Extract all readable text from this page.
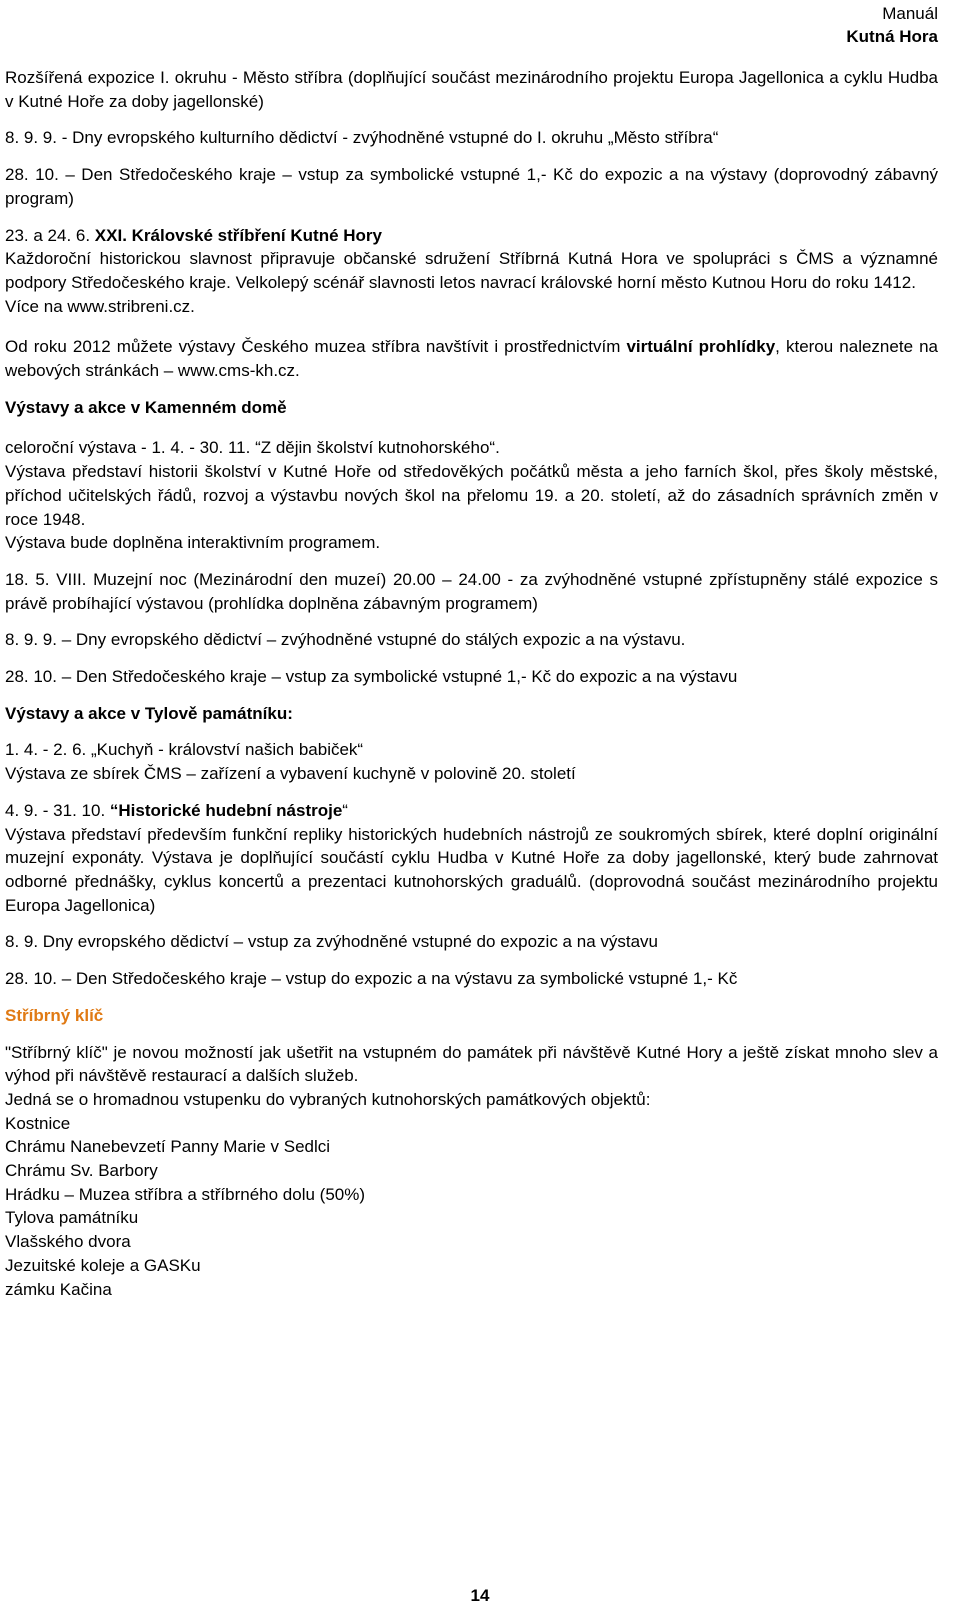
Manuál
Kutná Hora

Rozšířená expozice I. okruhu - Město stříbra (doplňující součást mezinárodního projektu Europa Jagellonica a cyklu Hudba v Kutné Hoře za doby jagellonské)

8. 9. 9. - Dny evropského kulturního dědictví - zvýhodněné vstupné do I. okruhu „Město stříbra“

28. 10. – Den Středočeského kraje – vstup za symbolické vstupné 1,- Kč do expozic a na výstavy (doprovodný zábavný program)

23. a 24. 6. XXI. Královské stříbření Kutné Hory

Každoroční historickou slavnost připravuje občanské sdružení Stříbrná Kutná Hora ve spolupráci s ČMS a významné podpory Středočeského kraje. Velkolepý scénář slavnosti letos navrací královské horní město Kutnou Horu do roku 1412.

Více na www.stribreni.cz.

Od roku 2012 můžete výstavy Českého muzea stříbra navštívit i prostřednictvím virtuální prohlídky, kterou naleznete na webových stránkách – www.cms-kh.cz.

Výstavy a akce v Kamenném domě

celoroční výstava - 1. 4. - 30. 11. “Z dějin školství kutnohorského“.

Výstava představí historii školství v Kutné Hoře od středověkých počátků města a jeho farních škol, přes školy městské, příchod učitelských řádů, rozvoj a výstavbu nových škol na přelomu 19. a 20. století, až do zásadních správních změn v roce 1948.

Výstava bude doplněna interaktivním programem.

18. 5. VIII. Muzejní noc (Mezinárodní den muzeí) 20.00 – 24.00 - za zvýhodněné vstupné zpřístupněny stálé expozice s právě probíhající výstavou (prohlídka doplněna zábavným programem)

8. 9. 9. – Dny evropského dědictví – zvýhodněné vstupné do stálých expozic a na výstavu.

28. 10. – Den Středočeského kraje – vstup za symbolické vstupné 1,- Kč do expozic a na výstavu

Výstavy a akce v Tylově památníku:

1. 4. - 2. 6. „Kuchyň - království našich babiček“

Výstava ze sbírek ČMS – zařízení a vybavení kuchyně v polovině 20. století

4. 9. - 31. 10. “Historické hudební nástroje“

Výstava představí především funkční repliky historických hudebních nástrojů ze soukromých sbírek, které doplní originální muzejní exponáty. Výstava je doplňující součástí cyklu Hudba v Kutné Hoře za doby jagellonské, který bude zahrnovat odborné přednášky, cyklus koncertů a prezentaci kutnohorských graduálů. (doprovodná součást mezinárodního projektu Europa Jagellonica)

8. 9. Dny evropského dědictví – vstup za zvýhodněné vstupné do expozic a na výstavu

28. 10. – Den Středočeského kraje – vstup do expozic a na výstavu za symbolické vstupné 1,- Kč

Stříbrný klíč

"Stříbrný klíč" je novou možností jak ušetřit na vstupném do památek při návštěvě Kutné Hory a ještě získat mnoho slev a výhod při návštěvě restaurací a dalších služeb.

Jedná se o hromadnou vstupenku do vybraných kutnohorských památkových objektů:

Kostnice
Chrámu Nanebevzetí Panny Marie v Sedlci
Chrámu Sv. Barbory
Hrádku – Muzea stříbra a stříbrného dolu (50%)
Tylova památníku
Vlašského dvora
Jezuitské koleje a GASKu
zámku Kačina
14
